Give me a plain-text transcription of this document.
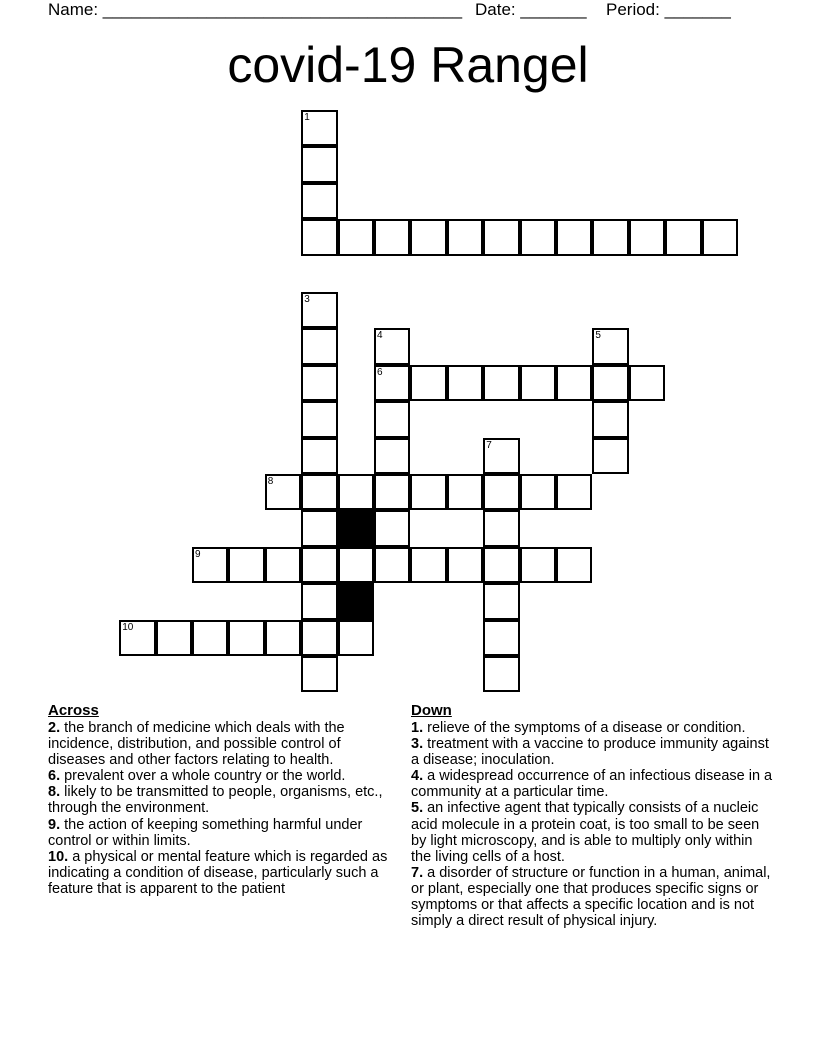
Name: ______________________________________ Date: _______ Period: _______
covid-19 Rangel
1
3
4
6
5
7
8
9
10
Across

2. the branch of medicine which deals with the incidence, distribution, and possible control of diseases and other factors relating to health.

6. prevalent over a whole country or the world.

8. likely to be transmitted to people, organisms, etc., through the environment.

9. the action of keeping something harmful under control or within limits.

10. a physical or mental feature which is regarded as indicating a condition of disease, particularly such a feature that is apparent to the patient

Down

1. relieve of the symptoms of a disease or condition.

3. treatment with a vaccine to produce immunity against a disease; inoculation.

4. a widespread occurrence of an infectious disease in a community at a particular time.

5. an infective agent that typically consists of a nucleic acid molecule in a protein coat, is too small to be seen by light microscopy, and is able to multiply only within the living cells of a host.

7. a disorder of structure or function in a human, animal, or plant, especially one that produces specific signs or symptoms or that affects a specific location and is not simply a direct result of physical injury.
